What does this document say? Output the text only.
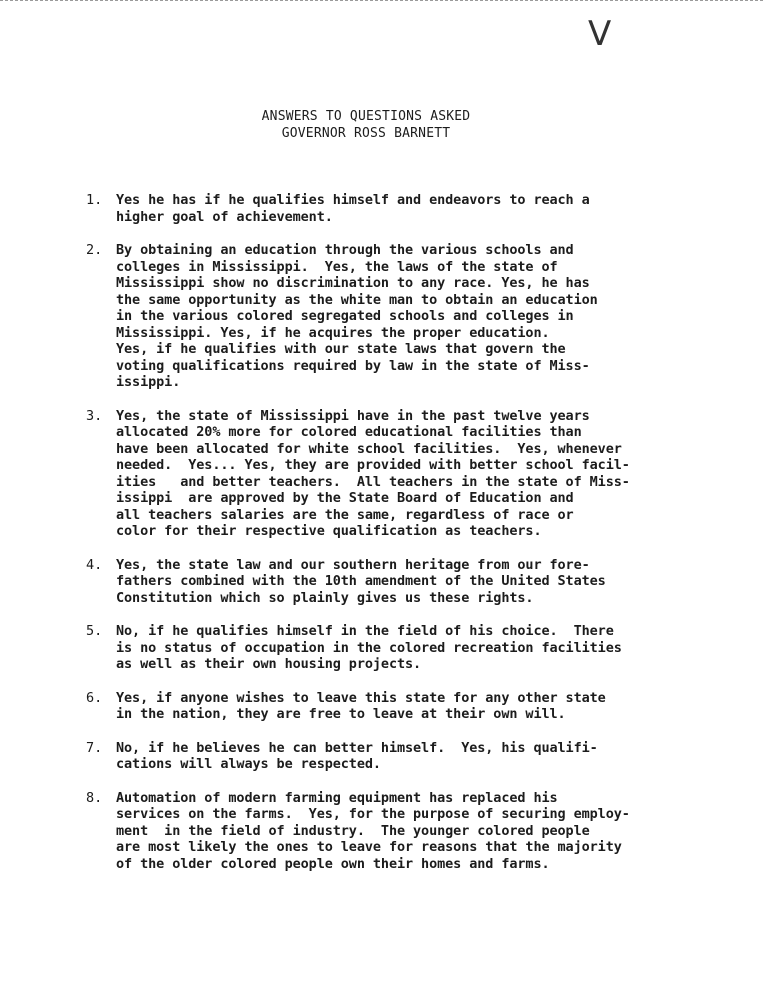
V
ANSWERS TO QUESTIONS ASKED
GOVERNOR ROSS BARNETT
1. Yes he has if he qualifies himself and endeavors to reach a
higher goal of achievement.
2. By obtaining an education through the various schools and
colleges in Mississippi.  Yes, the laws of the state of
Mississippi show no discrimination to any race. Yes, he has
the same opportunity as the white man to obtain an education
in the various colored segregated schools and colleges in
Mississippi. Yes, if he acquires the proper education.
Yes, if he qualifies with our state laws that govern the
voting qualifications required by law in the state of Miss-
issippi.
3. Yes, the state of Mississippi have in the past twelve years
allocated 20% more for colored educational facilities than
have been allocated for white school facilities.  Yes, whenever
needed.  Yes... Yes, they are provided with better school facil-
ities   and better teachers.  All teachers in the state of Miss-
issippi  are approved by the State Board of Education and
all teachers salaries are the same, regardless of race or
color for their respective qualification as teachers.
4. Yes, the state law and our southern heritage from our fore-
fathers combined with the 10th amendment of the United States
Constitution which so plainly gives us these rights.
5. No, if he qualifies himself in the field of his choice.  There
is no status of occupation in the colored recreation facilities
as well as their own housing projects.
6. Yes, if anyone wishes to leave this state for any other state
in the nation, they are free to leave at their own will.
7. No, if he believes he can better himself.  Yes, his qualifi-
cations will always be respected.
8. Automation of modern farming equipment has replaced his
services on the farms.  Yes, for the purpose of securing employ-
ment  in the field of industry.  The younger colored people
are most likely the ones to leave for reasons that the majority
of the older colored people own their homes and farms.
